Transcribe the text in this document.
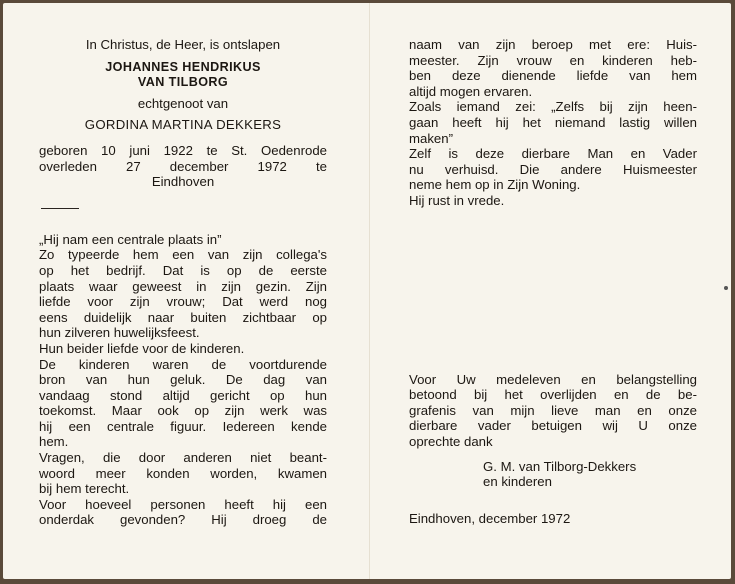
In Christus, de Heer, is ontslapen
JOHANNES HENDRIKUS
VAN TILBORG
echtgenoot van
GORDINA MARTINA DEKKERS
geboren 10 juni 1922 te St. Oedenrode
overleden 27 december 1972 te
Eindhoven
„Hij nam een centrale plaats in”
Zo typeerde hem een van zijn collega's
op het bedrijf. Dat is op de eerste
plaats waar geweest in zijn gezin. Zijn
liefde voor zijn vrouw; Dat werd nog
eens duidelijk naar buiten zichtbaar op
hun zilveren huwelijksfeest.
Hun beider liefde voor de kinderen.
De kinderen waren de voortdurende
bron van hun geluk. De dag van
vandaag stond altijd gericht op hun
toekomst. Maar ook op zijn werk was
hij een centrale figuur. Iedereen kende
hem.
Vragen, die door anderen niet beant-
woord meer konden worden, kwamen
bij hem terecht.
Voor hoeveel personen heeft hij een
onderdak gevonden? Hij droeg de
naam van zijn beroep met ere: Huis-
meester. Zijn vrouw en kinderen heb-
ben deze dienende liefde van hem
altijd mogen ervaren.
Zoals iemand zei: „Zelfs bij zijn heen-
gaan heeft hij het niemand lastig willen
maken”
Zelf is deze dierbare Man en Vader
nu verhuisd. Die andere Huismeester
neme hem op in Zijn Woning.
Hij rust in vrede.
Voor Uw medeleven en belangstelling
betoond bij het overlijden en de be-
grafenis van mijn lieve man en onze
dierbare vader betuigen wij U onze
oprechte dank
G. M. van Tilborg-Dekkers
en kinderen
Eindhoven, december 1972
